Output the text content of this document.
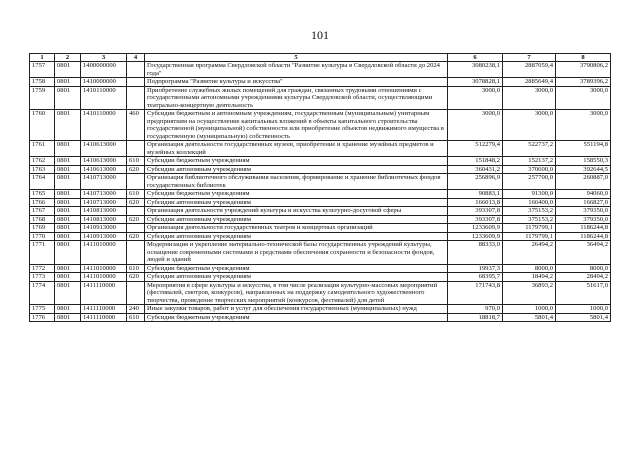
101
1	2	3	4	5	6	7	8
1757	0801	1400000000		Государственная программа Свердловской области "Развитие культуры в Свердловской области до 2024 года"	3080238,1	2887059,4	3790806,2
1758	0801	1410000000		Подпрограмма "Развитие культуры и искусства"	3078828,1	2885649,4	3789396,2
1759	0801	1410110000		Приобретение служебных жилых помещений для граждан, связанных трудовыми отношениями с государственными автономными учреждениями культуры Свердловской области, осуществляющими театрально-концертную деятельность	3000,0	3000,0	3000,0
1760	0801	1410110000	460	Субсидии бюджетным и автономным учреждениям, государственным (муниципальным) унитарным предприятиям на осуществление капитальных вложений в объекты капитального строительства государственной (муниципальной) собственности или приобретение объектов недвижимого имущества в государственную (муниципальную) собственность	3000,0	3000,0	3000,0
1761	0801	1410613000		Организация деятельности государственных музеев, приобретение и хранение музейных предметов и музейных коллекций	512279,4	522737,2	551194,8
1762	0801	1410613000	610	Субсидии бюджетным учреждениям	151848,2	152137,2	158550,3
1763	0801	1410613000	620	Субсидии автономным учреждениям	360431,2	370600,0	392644,5
1764	0801	1410713000		Организация библиотечного обслуживания населения, формирование и хранение библиотечных фондов государственных библиотек	256896,9	257700,0	260887,0
1765	0801	1410713000	610	Субсидии бюджетным учреждениям	90883,1	91300,0	94060,0
1766	0801	1410713000	620	Субсидии автономным учреждениям	166013,8	166400,0	166827,0
1767	0801	1410813000		Организация деятельности учреждений культуры и искусства культурно-досуговой сферы	393307,8	375153,2	379350,0
1768	0801	1410813000	620	Субсидии автономным учреждениям	393307,8	375153,2	379350,0
1769	0801	1410913000		Организация деятельности государственных театров и концертных организаций	1233609,9	1179799,1	1186244,8
1770	0801	1410913000	620	Субсидии автономным учреждениям	1233609,9	1179799,1	1186244,8
1771	0801	1411010000		Модернизация и укрепление материально-технической базы государственных учреждений культуры, оснащение современными системами и средствами обеспечения сохранности и безопасности фондов, людей и зданий	88333,0	26494,2	36494,2
1772	0801	1411010000	610	Субсидии бюджетным учреждениям	19937,3	8000,0	8000,0
1773	0801	1411010000	620	Субсидии автономным учреждениям	68395,7	18494,2	28494,2
1774	0801	1411110000		Мероприятия в сфере культуры и искусства, в том числе реализация культурно-массовых мероприятий (фестивалей, смотров, конкурсов), направленных на поддержку самодеятельного художественного творчества, проведение творческих мероприятий (конкурсов, фестивалей) для детей	171743,8	36893,2	51617,0
1775	0801	1411110000	240	Иные закупки товаров, работ и услуг для обеспечения государственных (муниципальных) нужд	970,0	1000,0	1000,0
1776	0801	1411110000	610	Субсидии бюджетным учреждениям	18818,7	5801,4	5801,4
